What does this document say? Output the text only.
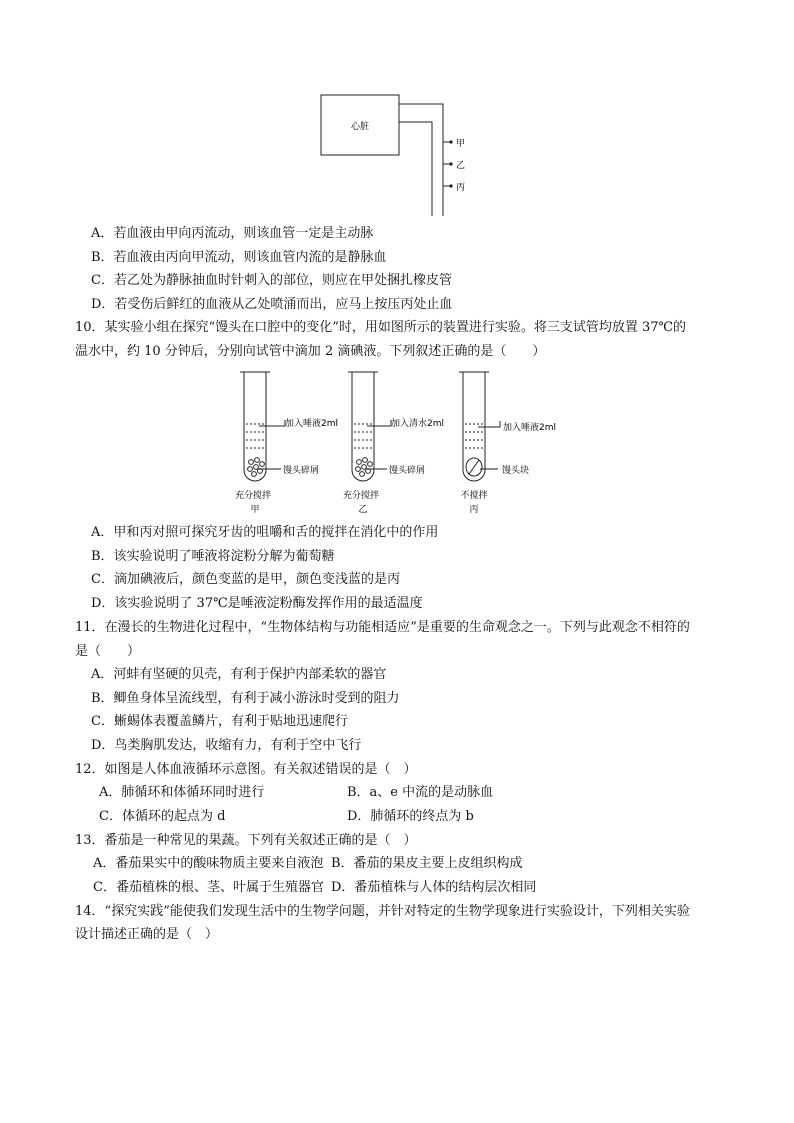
心脏
甲
乙
丙
A．若血液由甲向丙流动，则该血管一定是主动脉
B．若血液由丙向甲流动，则该血管内流的是静脉血
C．若乙处为静脉抽血时针刺入的部位，则应在甲处捆扎橡皮管
D．若受伤后鲜红的血液从乙处喷涌而出，应马上按压丙处止血
10．某实验小组在探究“馒头在口腔中的变化”时，用如图所示的装置进行实验。将三支试管均放置 37℃的
温水中，约 10 分钟后，分别向试管中滴加 2 滴碘液。下列叙述正确的是（　　）
加入唾液2ml
馒头碎屑
充分搅拌
甲
加入清水2ml
馒头碎屑
充分搅拌
乙
加入唾液2ml
馒头块
不搅拌
丙
A．甲和丙对照可探究牙齿的咀嚼和舌的搅拌在消化中的作用
B．该实验说明了唾液将淀粉分解为葡萄糖
C．滴加碘液后，颜色变蓝的是甲，颜色变浅蓝的是丙
D．该实验说明了 37℃是唾液淀粉酶发挥作用的最适温度
11．在漫长的生物进化过程中，“生物体结构与功能相适应”是重要的生命观念之一。下列与此观念不相符的
是（　　）
A．河蚌有坚硬的贝壳，有利于保护内部柔软的器官
B．鲫鱼身体呈流线型，有利于减小游泳时受到的阻力
C．蜥蜴体表覆盖鳞片，有利于贴地迅速爬行
D．鸟类胸肌发达，收缩有力，有利于空中飞行
12．如图是人体血液循环示意图。有关叙述错误的是（　）
A．肺循环和体循环同时进行	B．a、e 中流的是动脉血
C．体循环的起点为 d	D．肺循环的终点为 b
13．番茄是一种常见的果蔬。下列有关叙述正确的是（　）
A．番茄果实中的酸味物质主要来自液泡 B．番茄的果皮主要上皮组织构成
C．番茄植株的根、茎、叶属于生殖器官 D．番茄植株与人体的结构层次相同
14．“探究实践”能使我们发现生活中的生物学问题，并针对特定的生物学现象进行实验设计，下列相关实验
设计描述正确的是（　）
